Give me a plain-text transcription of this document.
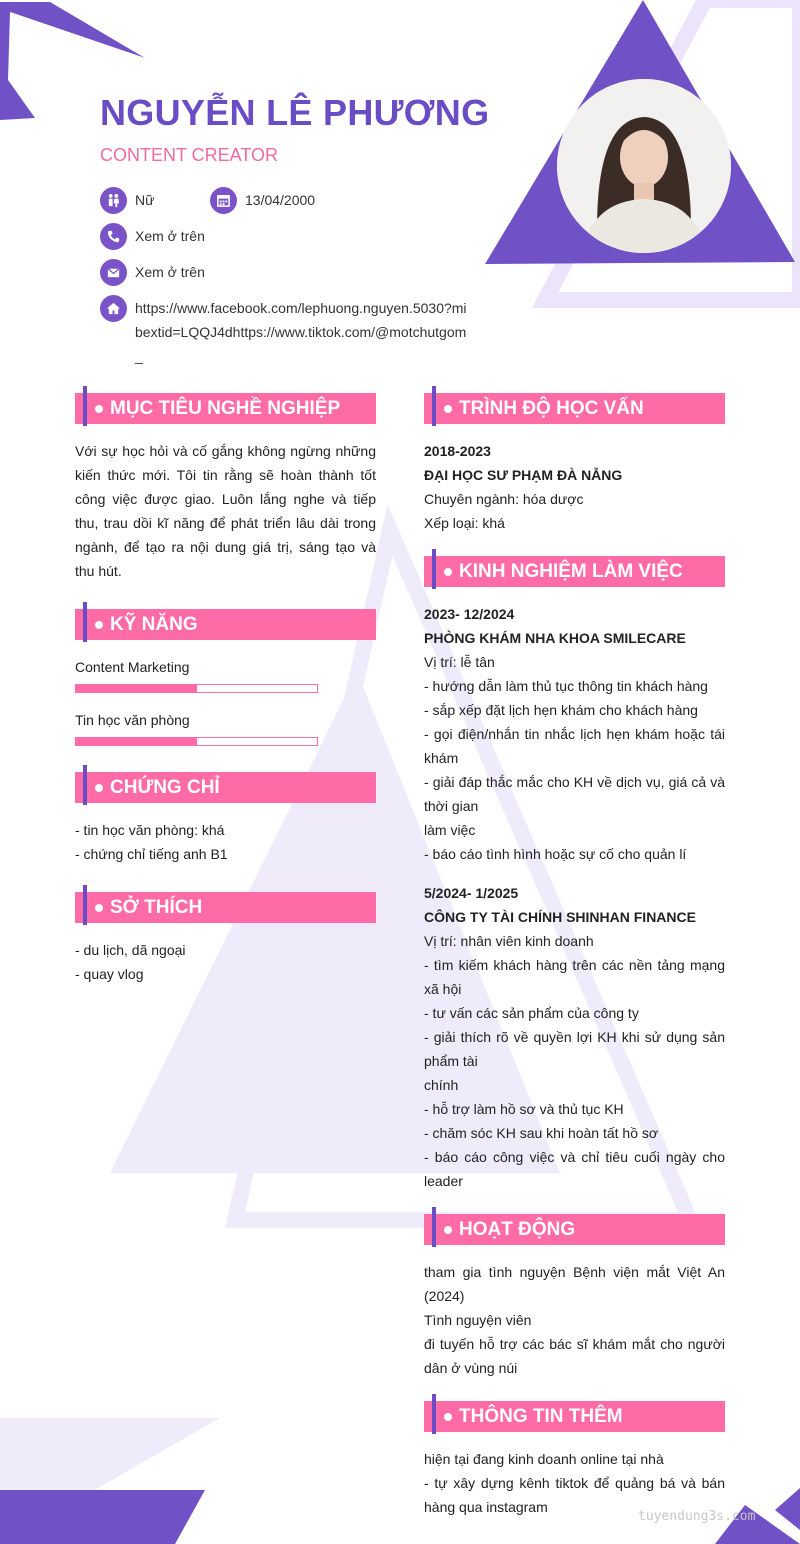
NGUYỄN LÊ PHƯƠNG
CONTENT CREATOR
Nữ	13/04/2000
Xem ở trên
Xem ở trên
https://www.facebook.com/lephuong.nguyen.5030?mibextid=LQQJ4dhttps://www.tiktok.com/@motchutgom_
MỤC TIÊU NGHỀ NGHIỆP
Với sự học hỏi và cố gắng không ngừng những kiến thức mới. Tôi tin rằng sẽ hoàn thành tốt công việc được giao. Luôn lắng nghe và tiếp thu, trau dồi kĩ năng để phát triển lâu dài trong ngành, để tạo ra nội dung giá trị, sáng tạo và thu hút.
KỸ NĂNG
Content Marketing
Tin học văn phòng
CHỨNG CHỈ
- tin học văn phòng: khá
- chứng chỉ tiếng anh B1
SỞ THÍCH
- du lịch, dã ngoại
- quay vlog
TRÌNH ĐỘ HỌC VẤN
2018-2023
ĐẠI HỌC SƯ PHẠM ĐÀ NẴNG
Chuyên ngành: hóa dược
Xếp loại: khá
KINH NGHIỆM LÀM VIỆC
2023- 12/2024
PHÒNG KHÁM NHA KHOA SMILECARE
Vị trí: lễ tân
- hướng dẫn làm thủ tục thông tin khách hàng
- sắp xếp đặt lịch hẹn khám cho khách hàng
- gọi điện/nhắn tin nhắc lịch hẹn khám hoặc tái khám
- giải đáp thắc mắc cho KH về dịch vụ, giá cả và thời gian
làm việc
- báo cáo tình hình hoặc sự cố cho quản lí
5/2024- 1/2025
CÔNG TY TÀI CHÍNH SHINHAN FINANCE
Vị trí: nhân viên kinh doanh
- tìm kiếm khách hàng trên các nền tảng mạng xã hội
- tư vấn các sản phẩm của công ty
- giải thích rõ về quyền lợi KH khi sử dụng sản phẩm tài
chính
- hỗ trợ làm hồ sơ và thủ tục KH
- chăm sóc KH sau khi hoàn tất hồ sơ
- báo cáo công việc và chỉ tiêu cuối ngày cho leader
HOẠT ĐỘNG
tham gia tình nguyện Bệnh viện mắt Việt An (2024)
Tình nguyện viên
đi tuyến hỗ trợ các bác sĩ khám mắt cho người dân ở vùng núi
THÔNG TIN THÊM
hiện tại đang kinh doanh online tại nhà
- tự xây dựng kênh tiktok để quảng bá và bán hàng qua instagram
tuyendung3s.com
